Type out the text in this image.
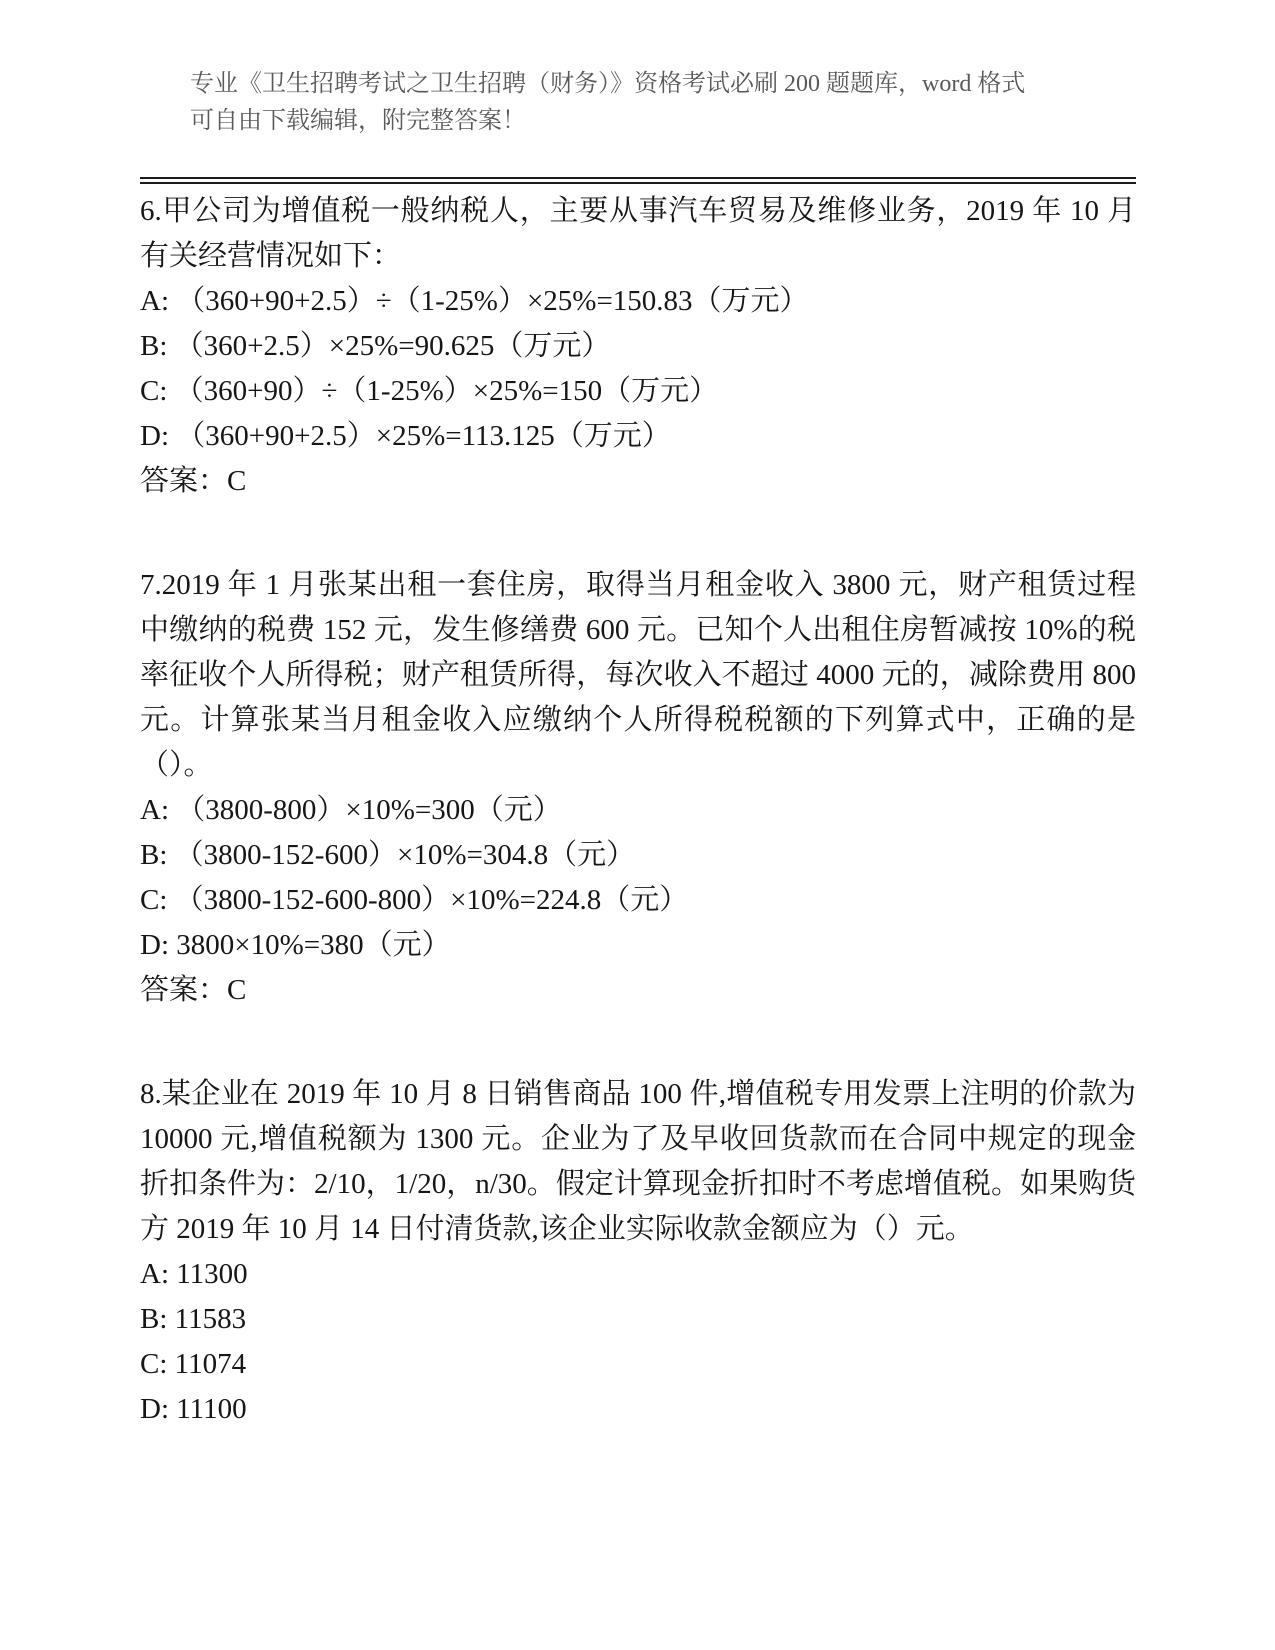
专业《卫生招聘考试之卫生招聘（财务）》资格考试必刷 200 题题库，word 格式

可自由下载编辑，附完整答案！

6.甲公司为增值税一般纳税人，主要从事汽车贸易及维修业务，2019 年 10 月有关经营情况如下：

A: （360+90+2.5）÷（1-25%）×25%=150.83（万元）

B: （360+2.5）×25%=90.625（万元）

C: （360+90）÷（1-25%）×25%=150（万元）

D: （360+90+2.5）×25%=113.125（万元）

答案：C

7.2019 年 1 月张某出租一套住房，取得当月租金收入 3800 元，财产租赁过程中缴纳的税费 152 元，发生修缮费 600 元。已知个人出租住房暂减按 10%的税率征收个人所得税；财产租赁所得，每次收入不超过 4000 元的，减除费用 800 元。计算张某当月租金收入应缴纳个人所得税税额的下列算式中，正确的是（）。

A: （3800-800）×10%=300（元）

B: （3800-152-600）×10%=304.8（元）

C: （3800-152-600-800）×10%=224.8（元）

D: 3800×10%=380（元）

答案：C

8.某企业在 2019 年 10 月 8 日销售商品 100 件,增值税专用发票上注明的价款为 10000 元,增值税额为 1300 元。企业为了及早收回货款而在合同中规定的现金折扣条件为：2/10，1/20，n/30。假定计算现金折扣时不考虑增值税。如果购货方 2019 年 10 月 14 日付清货款,该企业实际收款金额应为（）元。

A: 11300

B: 11583

C: 11074

D: 11100
